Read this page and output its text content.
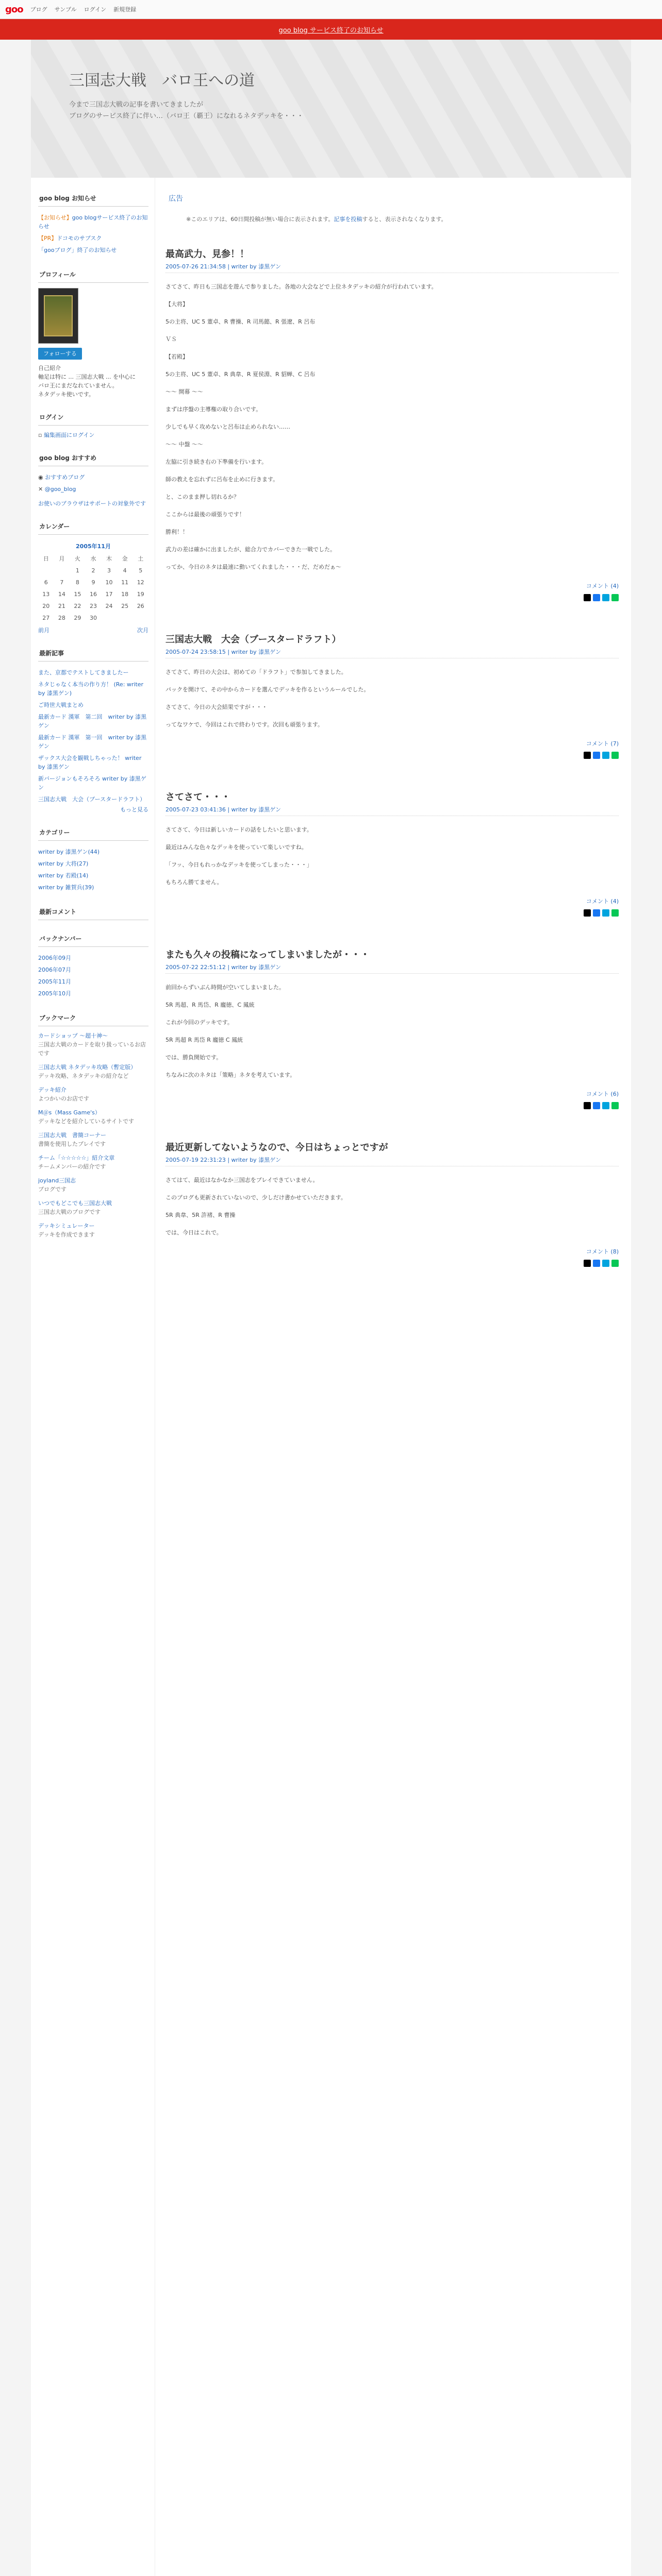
goo ブログ サンプル ログイン 新規登録
goo blog サービス終了のお知らせ
三国志大戦　バロ王への道
今まで三国志大戦の記事を書いてきましたが
ブログのサービス終了に伴い…（バロ王（覇王）になれるネタデッキを・・・
goo blog お知らせ
【お知らせ】goo blogサービス終了のお知らせ
【PR】ドコモのサブスク
「gooブログ」終了のお知らせ
プロフィール
フォローする
自己紹介
軸足は特に ... 三国志大戦 ... を中心に
バロ王にまだなれていません。
ネタデッキ使いです。
ログイン
▫ 編集画面にログイン
goo blog おすすめ
◉ おすすめブログ
✕ @goo_blog
お使いのブラウザはサポートの対象外です
カレンダー
2005年11月
日	月	火	水	木	金	土
		1	2	3	4	5
6	7	8	9	10	11	12
13	14	15	16	17	18	19
20	21	22	23	24	25	26
27	28	29	30			
前月	次月
最新記事
また、京都でテストしてきましたー
ネタじゃなく本当の作り方！ (Re: writer by 漆黒ゲン)
ご時世大戦まとめ
最新カード 漢軍　第二回　writer by 漆黒ゲン
最新カード 漢軍　第一回　writer by 漆黒ゲン
ザックス大会を観戦しちゃった！ writer by 漆黒ゲン
新バージョンもそろそろ writer by 漆黒ゲン
三国志大戦　大会（ブースタードラフト）
もっと見る
カテゴリー
writer by 漆黒ゲン(44)
writer by 大将(27)
writer by 若殿(14)
writer by 雑賀兵(39)
最新コメント
バックナンバー
2006年09月
2006年07月
2005年11月
2005年10月
ブックマーク
カードショップ ～超十神～
三国志大戦のカードを取り扱っているお店です
三国志大戦 ネタデッキ攻略（暫定版）
デッキ攻略、ネタデッキの紹介など
デッキ紹介
よつかいのお店です
M＠s（Mass Game's）
デッキなどを紹介しているサイトです
三国志大戦　書簡コーナー
書簡を使用したプレイです
チーム「☆☆☆☆☆」紹介文章
チームメンバーの紹介です
joyland三国志
ブログです
いつでもどこでも三国志大戦
三国志大戦のブログです
デッキシミュレーター
デッキを作成できます
広告
※このエリアは、60日間投稿が無い場合に表示されます。記事を投稿すると、表示されなくなります。
最高武力、見参！！
2005-07-26 21:34:58 | writer by 漆黒ゲン

さてさて、昨日も三国志を遊んで参りました。各地の大会などで上位ネタデッキの紹介が行われています。

【大将】

5の主将、UC 5 董卓、R 曹操、R 司馬懿、R 張遼、R 呂布

ＶＳ

【若殿】

5の主将、UC 5 董卓、R 典韋、R 夏侯淵、R 貂蝉、C 呂布

～～ 開幕 ～～

まずは序盤の主導権の取り合いです。

少しでも早く攻めないと呂布は止められない……

～～ 中盤 ～～

左脇に引き続き右の下準備を行います。

師の教えを忘れずに呂布を止めに行きます。

と、このまま押し切れるか？

ここからは最後の頑張りです！

勝利！！

武力の差は確かに出ましたが、総合力でカバーできた一戦でした。

ってか、今日のネタは最速に動いてくれました・・・だ、だめだぁ～

コメント (4)
三国志大戦　大会（ブースタードラフト）
2005-07-24 23:58:15 | writer by 漆黒ゲン

さてさて、昨日の大会は、初めての「ドラフト」で参加してきました。

パックを開けて、その中からカードを選んでデッキを作るというルールでした。

さてさて、今日の大会結果ですが・・・

ってなワケで、今回はこれで終わりです。次回も頑張ります。

コメント (7)
さてさて・・・
2005-07-23 03:41:36 | writer by 漆黒ゲン

さてさて、今日は新しいカードの話をしたいと思います。

最近はみんな色々なデッキを使っていて楽しいですね。

「フッ、今日もれっかなデッキを使ってしまった・・・」

もちろん勝てません。

コメント (4)
またも久々の投稿になってしまいましたが・・・
2005-07-22 22:51:12 | writer by 漆黒ゲン

前回からずいぶん時間が空いてしまいました。

5R 馬超、R 馬岱、R 龐徳、C 鳳統

これが今回のデッキです。

5R 馬超 R 馬岱 R 龐徳 C 鳳統

では、勝負開始です。

ちなみに次のネタは「策略」ネタを考えています。

コメント (6)
最近更新してないようなので、今日はちょっとですが
2005-07-19 22:31:23 | writer by 漆黒ゲン

さてはて、最近はなかなか三国志をプレイできていません。

このブログも更新されていないので、少しだけ書かせていただきます。

5R 典韋、5R 許褚、R 曹操

では、今日はこれで。

コメント (8)
